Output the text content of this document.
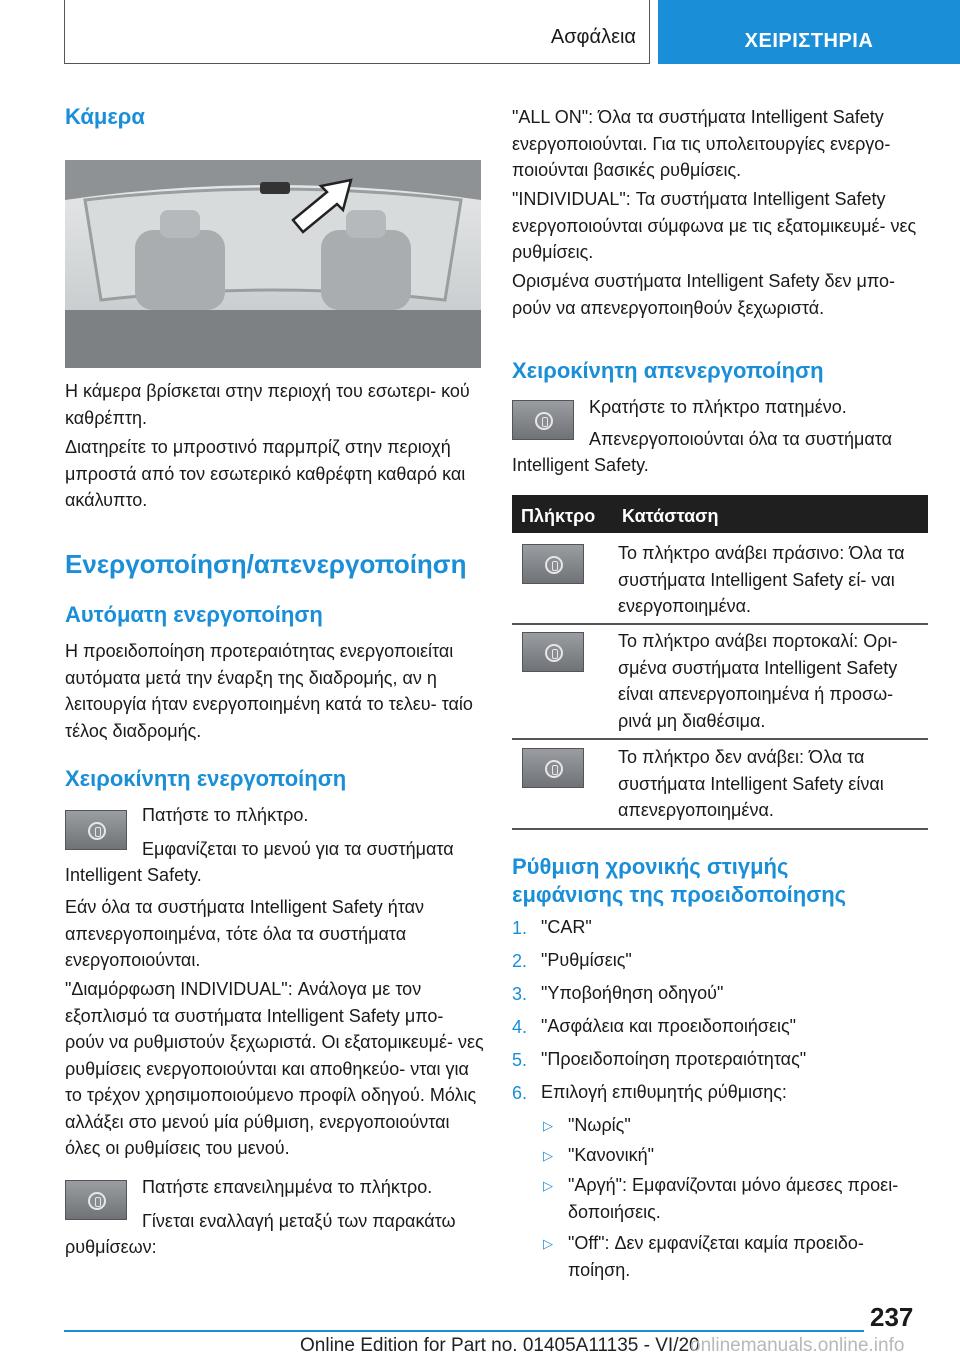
Ασφάλεια	ΧΕΙΡΙΣΤΗΡΙΑ
Κάμερα

Η κάμερα βρίσκεται στην περιοχή του εσωτερι‐ κού καθρέπτη.

Διατηρείτε το μπροστινό παρμπρίζ στην περιοχή μπροστά από τον εσωτερικό καθρέφτη καθαρό και ακάλυπτο.

Ενεργοποίηση/απενεργοποίηση
Αυτόματη ενεργοποίηση

Η προειδοποίηση προτεραιότητας ενεργοποιείται αυτόματα μετά την έναρξη της διαδρομής, αν η λειτουργία ήταν ενεργοποιημένη κατά το τελευ‐ ταίο τέλος διαδρομής.

Χειροκίνητη ενεργοποίηση

Πατήστε το πλήκτρο.

Εμφανίζεται το μενού για τα συστήματα

Intelligent Safety.

Εάν όλα τα συστήματα Intelligent Safety ήταν απενεργοποιημένα, τότε όλα τα συστήματα ενεργοποιούνται.

"Διαμόρφωση INDIVIDUAL": Ανάλογα με τον εξοπλισμό τα συστήματα Intelligent Safety μπο‐ ρούν να ρυθμιστούν ξεχωριστά. Οι εξατομικευμέ‐ νες ρυθμίσεις ενεργοποιούνται και αποθηκεύο‐ νται για το τρέχον χρησιμοποιούμενο προφίλ οδηγού. Μόλις αλλάξει στο μενού μία ρύθμιση, ενεργοποιούνται όλες οι ρυθμίσεις του μενού.

Πατήστε επανειλημμένα το πλήκτρο.

Γίνεται εναλλαγή μεταξύ των παρακάτω

ρυθμίσεων:

"ALL ON": Όλα τα συστήματα Intelligent Safety ενεργοποιούνται. Για τις υπολειτουργίες ενεργο‐ ποιούνται βασικές ρυθμίσεις.

"INDIVIDUAL": Τα συστήματα Intelligent Safety ενεργοποιούνται σύμφωνα με τις εξατομικευμέ‐ νες ρυθμίσεις.

Ορισμένα συστήματα Intelligent Safety δεν μπο‐ ρούν να απενεργοποιηθούν ξεχωριστά.

Χειροκίνητη απενεργοποίηση

Κρατήστε το πλήκτρο πατημένο.

Απενεργοποιούνται όλα τα συστήματα

Intelligent Safety.

Πλήκτρο Κατάσταση

Το πλήκτρο ανάβει πράσινο: Όλα τα συστήματα Intelligent Safety εί‐ ναι ενεργοποιημένα.

Το πλήκτρο ανάβει πορτοκαλί: Ορι‐ σμένα συστήματα Intelligent Safety είναι απενεργοποιημένα ή προσω‐ ρινά μη διαθέσιμα.

Το πλήκτρο δεν ανάβει: Όλα τα συστήματα Intelligent Safety είναι απενεργοποιημένα.

Ρύθμιση χρονικής στιγμής
εμφάνισης της προειδοποίησης
1. "CAR"
2. "Ρυθμίσεις"
3. "Υποβοήθηση οδηγού"
4. "Ασφάλεια και προειδοποιήσεις"
5. "Προειδοποίηση προτεραιότητας"
6. Επιλογή επιθυμητής ρύθμισης:
▷ "Νωρίς"
▷ "Κανονική"
▷ "Αργή": Εμφανίζονται μόνο άμεσες προει‐ δοποιήσεις.
▷ "Off": Δεν εμφανίζεται καμία προειδο‐ ποίηση.
237
Online Edition for Part no. 01405A11135 - VI/20
onlinemanuals.online.info
